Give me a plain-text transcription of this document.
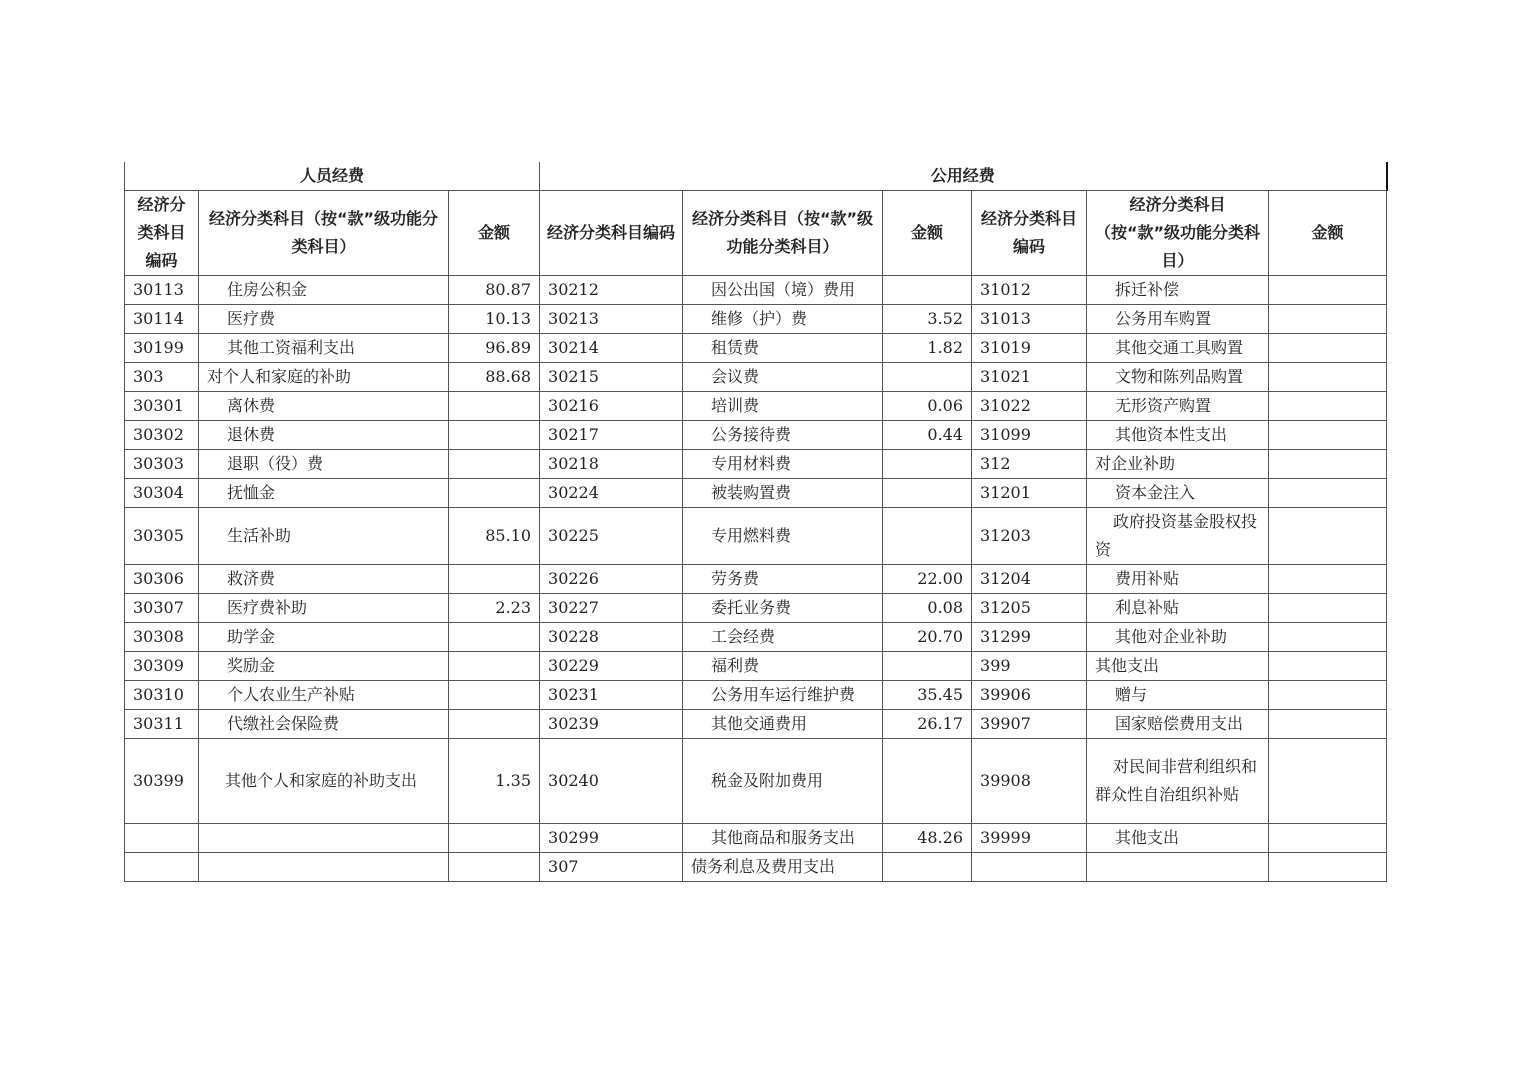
人员经费			公用经费					
经济分类科目编码	经济分类科目（按“款”级功能分类科目）	金额	经济分类科目编码	经济分类科目（按“款”级功能分类科目）	金额	经济分类科目编码	经济分类科目（按“款”级功能分类科目）	金额
30113	住房公积金	80.87	30212	因公出国（境）费用		31012	拆迁补偿	
30114	医疗费	10.13	30213	维修（护）费	3.52	31013	公务用车购置	
30199	其他工资福利支出	96.89	30214	租赁费	1.82	31019	其他交通工具购置	
303	对个人和家庭的补助	88.68	30215	会议费		31021	文物和陈列品购置	
30301	离休费		30216	培训费	0.06	31022	无形资产购置	
30302	退休费		30217	公务接待费	0.44	31099	其他资本性支出	
30303	退职（役）费		30218	专用材料费		312	对企业补助	
30304	抚恤金		30224	被装购置费		31201	资本金注入	
30305	生活补助	85.10	30225	专用燃料费		31203	政府投资基金股权投资	
30306	救济费		30226	劳务费	22.00	31204	费用补贴	
30307	医疗费补助	2.23	30227	委托业务费	0.08	31205	利息补贴	
30308	助学金		30228	工会经费	20.70	31299	其他对企业补助	
30309	奖励金		30229	福利费		399	其他支出	
30310	个人农业生产补贴		30231	公务用车运行维护费	35.45	39906	赠与	
30311	代缴社会保险费		30239	其他交通费用	26.17	39907	国家赔偿费用支出	
30399	其他个人和家庭的补助支出	1.35	30240	税金及附加费用		39908	对民间非营利组织和群众性自治组织补贴	
			30299	其他商品和服务支出	48.26	39999	其他支出	
			307	债务利息及费用支出				
